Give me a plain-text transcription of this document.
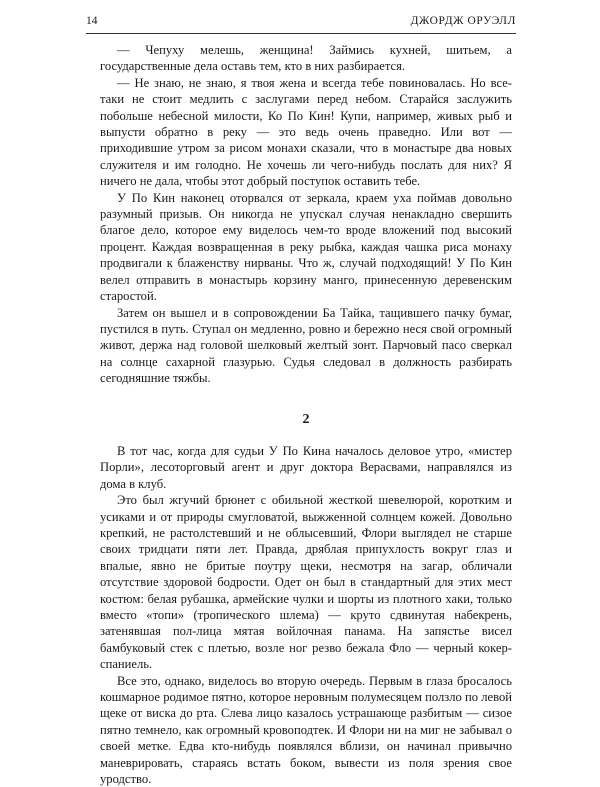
14	ДЖОРДЖ ОРУЭЛЛ

— Чепуху мелешь, женщина! Займись кухней, шитьем, а государственные дела оставь тем, кто в них разбирается.

— Не знаю, не знаю, я твоя жена и всегда тебе повиновалась. Но все-таки не стоит медлить с заслугами перед небом. Старайся заслужить побольше небесной милости, Ко По Кин! Купи, например, живых рыб и выпусти обратно в реку — это ведь очень праведно. Или вот — приходившие утром за рисом монахи сказали, что в монастыре два новых служителя и им голодно. Не хочешь ли чего-нибудь послать для них? Я ничего не дала, чтобы этот добрый поступок оставить тебе.

У По Кин наконец оторвался от зеркала, краем уха поймав довольно разумный призыв. Он никогда не упускал случая ненакладно свершить благое дело, которое ему виделось чем-то вроде вложений под высокий процент. Каждая возвращенная в реку рыбка, каждая чашка риса монаху продвигали к блаженству нирваны. Что ж, случай подходящий! У По Кин велел отправить в монастырь корзину манго, принесенную деревенским старостой.

Затем он вышел и в сопровождении Ба Тайка, тащившего пачку бумаг, пустился в путь. Ступал он медленно, ровно и бережно неся свой огромный живот, держа над головой шелковый желтый зонт. Парчовый пасо сверкал на солнце сахарной глазурью. Судья следовал в должность разбирать сегодняшние тяжбы.

2

В тот час, когда для судьи У По Кина началось деловое утро, «мистер Порли», лесоторговый агент и друг доктора Верасвами, направлялся из дома в клуб.

Это был жгучий брюнет с обильной жесткой шевелюрой, коротким и усиками и от природы смугловатой, выжженной солнцем кожей. Довольно крепкий, не растолстевший и не облысевший, Флори выглядел не старше своих тридцати пяти лет. Правда, дряблая припухлость вокруг глаз и впалые, явно не бритые поутру щеки, несмотря на загар, обличали отсутствие здоровой бодрости. Одет он был в стандартный для этих мест костюм: белая рубашка, армейские чулки и шорты из плотного хаки, только вместо «топи» (тропического шлема) — круто сдвинутая набекрень, затенявшая пол-лица мятая войлочная панама. На запястье висел бамбуковый стек с плетью, возле ног резво бежала Фло — черный кокер-спаниель.

Все это, однако, виделось во вторую очередь. Первым в глаза бросалось кошмарное родимое пятно, которое неровным полумесяцем ползло по левой щеке от виска до рта. Слева лицо казалось устрашающе разбитым — сизое пятно темнело, как огромный кровоподтек. И Флори ни на миг не забывал о своей метке. Едва кто-нибудь появлялся вблизи, он начинал привычно маневрировать, стараясь встать боком, вывести из поля зрения свое уродство.
